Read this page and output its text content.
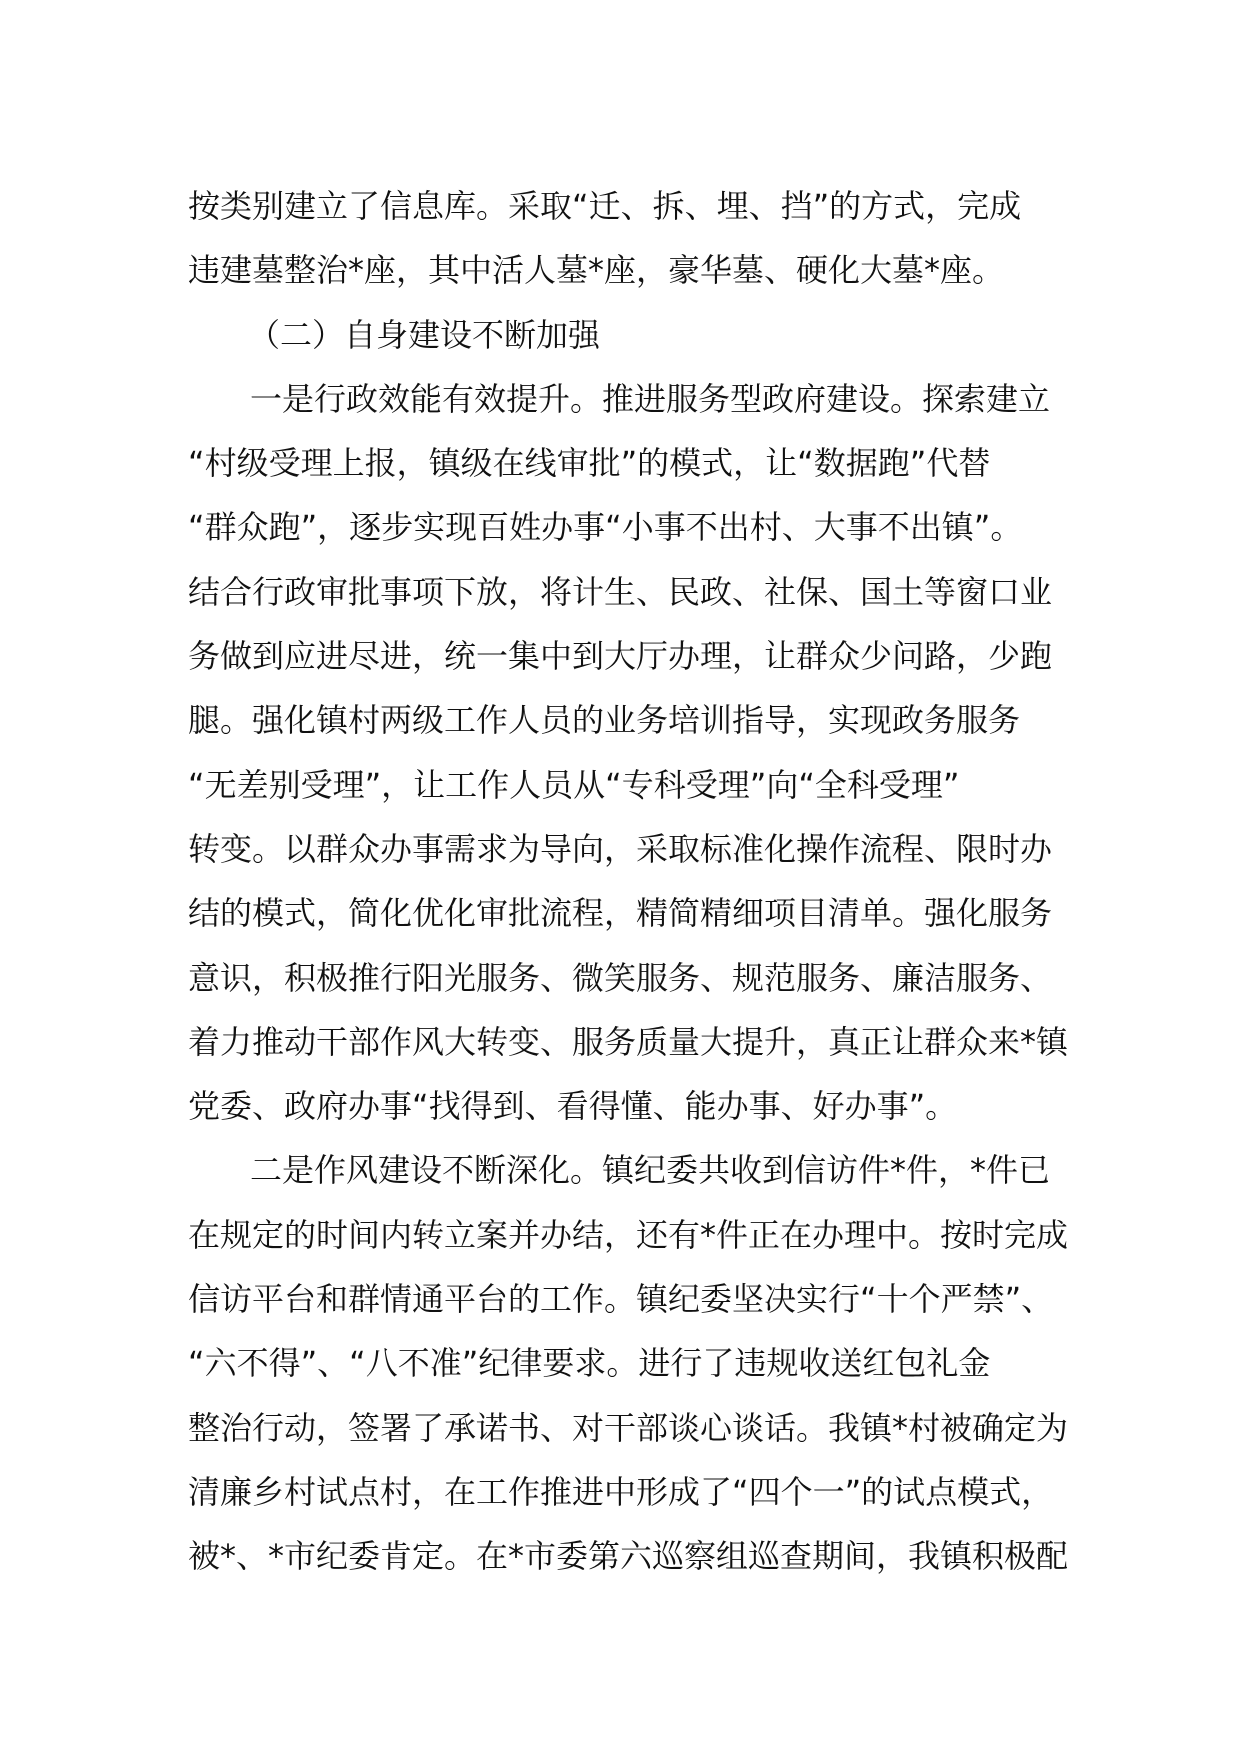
按类别建立了信息库。采取“迁、拆、埋、挡”的方式，完成
违建墓整治*座，其中活人墓*座，豪华墓、硬化大墓*座。
（二）自身建设不断加强
一是行政效能有效提升。推进服务型政府建设。探索建立
“村级受理上报，镇级在线审批”的模式，让“数据跑”代替
“群众跑”，逐步实现百姓办事“小事不出村、大事不出镇”。
结合行政审批事项下放，将计生、民政、社保、国土等窗口业
务做到应进尽进，统一集中到大厅办理，让群众少问路，少跑
腿。强化镇村两级工作人员的业务培训指导，实现政务服务
“无差别受理”，让工作人员从“专科受理”向“全科受理”
转变。以群众办事需求为导向，采取标准化操作流程、限时办
结的模式，简化优化审批流程，精简精细项目清单。强化服务
意识，积极推行阳光服务、微笑服务、规范服务、廉洁服务、
着力推动干部作风大转变、服务质量大提升，真正让群众来*镇
党委、政府办事“找得到、看得懂、能办事、好办事”。
二是作风建设不断深化。镇纪委共收到信访件*件，*件已
在规定的时间内转立案并办结，还有*件正在办理中。按时完成
信访平台和群情通平台的工作。镇纪委坚决实行“十个严禁”、
“六不得”、“八不准”纪律要求。进行了违规收送红包礼金
整治行动，签署了承诺书、对干部谈心谈话。我镇*村被确定为
清廉乡村试点村，在工作推进中形成了“四个一”的试点模式，
被*、*市纪委肯定。在*市委第六巡察组巡查期间，我镇积极配
